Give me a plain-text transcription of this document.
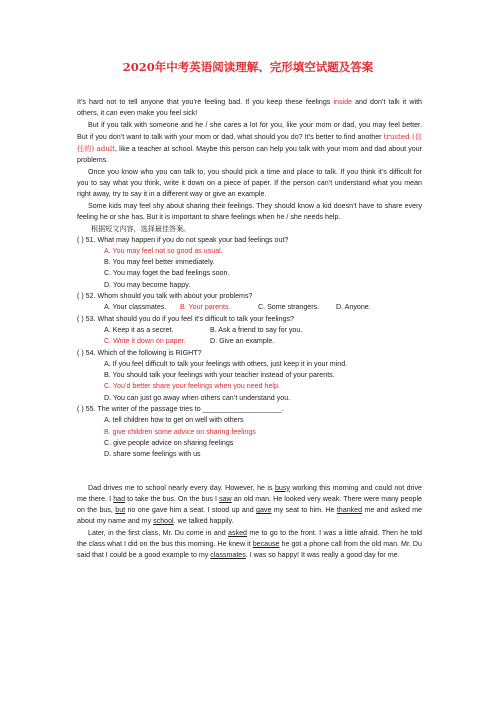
2020年中考英语阅读理解、完形填空试题及答案

It’s hard not to tell anyone that you’re feeling bad. If you keep these feelings inside and don’t talk it with others, it can even make you feel sick!

But if you talk with someone and he / she cares a lot for you, like your mom or dad, you may feel better. But if you don’t want to talk with your mom or dad, what should you do? It’s better to find another trusted (信任的) adult, like a teacher at school. Maybe this person can help you talk with your mom and dad about your problems.

Once you know who you can talk to, you should pick a time and place to talk. If you think it’s difficult for you to say what you think, write it down on a piece of paper. If the person can’t understand what you mean right away, try to say it in a different way or give an example.

Some kids may feel shy about sharing their feelings. They should know a kid doesn’t have to share every feeling he or she has. But it is important to share feelings when he / she needs help.

根据短文内容，选择最佳答案。

( ) 51. What may happen if you do not speak your bad feelings out?
A. You may feel not so good as usual.
B. You may feel better immediately.
C. You may foget the bad feelings soon.
D. You may become happy.
( ) 52. Whom should you talk with about your problems?
A. Your classmates. B. Your parents.	C. Some strangers. D. Anyone.
( ) 53. What should you do if you feel it’s difficult to talk your feelings?
A. Keep it as a secret.	B. Ask a friend to say for you.
C. Write it down on paper.	D. Give an example.
( ) 54. Which of the following is RIGHT?
A. If you feel difficult to talk your feelings with others, just keep it in your mind.
B. You should talk your feelings with your teacher instead of your parents.
C. You’d better share your feelings when you need help.
D. You can just go away when others can’t understand you.
( ) 55. The writer of the passage tries to ____________________.
A. tell children how to get on well with others
B. give children some advice on sharing feelings
C. give people advice on sharing feelings
D. share some feelings with us

Dad drives me to school nearly every day. However, he is busy working this morning and could not drive me there. I had to take the bus. On the bus I saw an old man. He looked very weak. There were many people on the bus, but no one gave him a seat. I stood up and gave my seat to him. He thanked me and asked me about my name and my school. we talked happily.

Later, in the first class, Mr. Du come in and asked me to go to the front. I was a little afraid. Then he told the class what I did on the bus this morning. He knew it because he got a phone call from the old man. Mr. Du said that I could be a good example to my classmates. I was so happy! It was really a good day for me.
